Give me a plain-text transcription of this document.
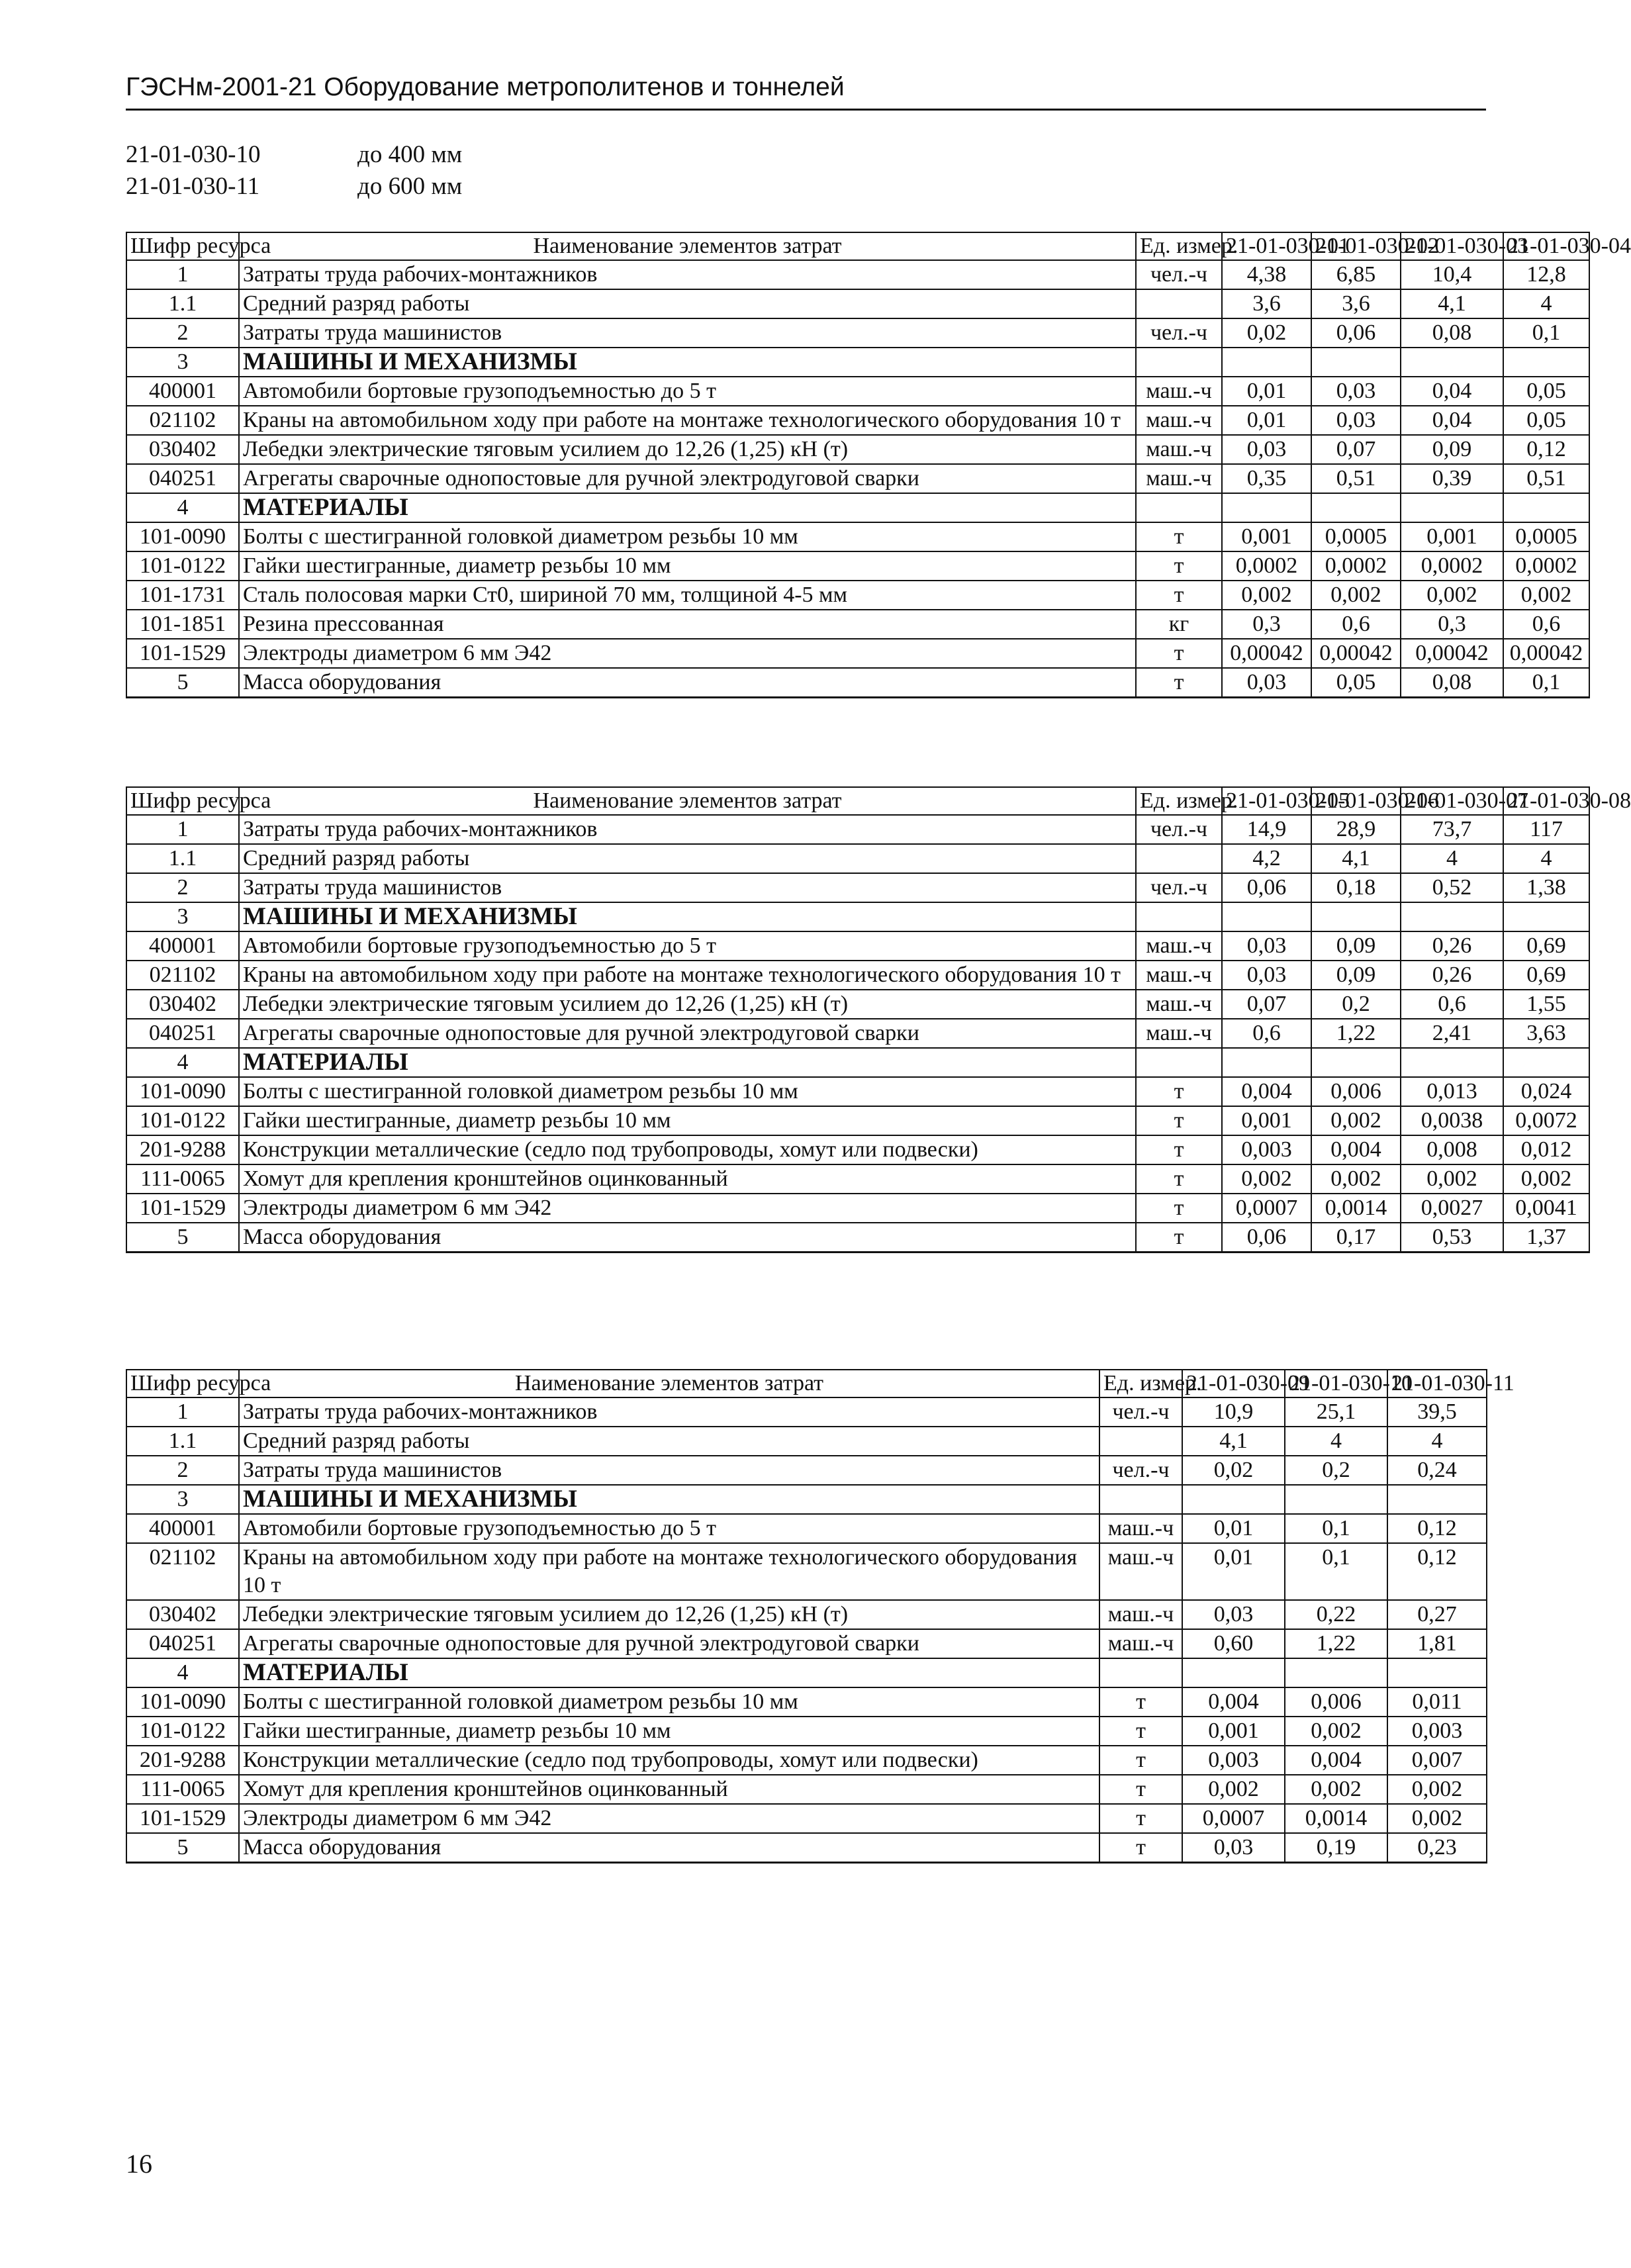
ГЭСНм-2001-21 Оборудование метрополитенов и тоннелей
21-01-030-10	до 400 мм
21-01-030-11	до 600 мм
Шифр ресурса	Наименование элементов затрат	Ед. измер.	21-01-030-01	21-01-030-02	21-01-030-03	21-01-030-04
1	Затраты труда рабочих-монтажников	чел.-ч	4,38	6,85	10,4	12,8
1.1	Средний разряд работы		3,6	3,6	4,1	4
2	Затраты труда машинистов	чел.-ч	0,02	0,06	0,08	0,1
3	МАШИНЫ И МЕХАНИЗМЫ					
400001	Автомобили бортовые грузоподъемностью до 5 т	маш.-ч	0,01	0,03	0,04	0,05
021102	Краны на автомобильном ходу при работе на монтаже технологического оборудования 10 т	маш.-ч	0,01	0,03	0,04	0,05
030402	Лебедки электрические тяговым усилием до 12,26 (1,25) кН (т)	маш.-ч	0,03	0,07	0,09	0,12
040251	Агрегаты сварочные однопостовые для ручной электродуговой сварки	маш.-ч	0,35	0,51	0,39	0,51
4	МАТЕРИАЛЫ					
101-0090	Болты с шестигранной головкой диаметром резьбы 10 мм	т	0,001	0,0005	0,001	0,0005
101-0122	Гайки шестигранные, диаметр резьбы 10 мм	т	0,0002	0,0002	0,0002	0,0002
101-1731	Сталь полосовая марки Ст0, шириной 70 мм, толщиной 4-5 мм	т	0,002	0,002	0,002	0,002
101-1851	Резина прессованная	кг	0,3	0,6	0,3	0,6
101-1529	Электроды диаметром 6 мм Э42	т	0,00042	0,00042	0,00042	0,00042
5	Масса оборудования	т	0,03	0,05	0,08	0,1
Шифр ресурса	Наименование элементов затрат	Ед. измер.	21-01-030-05	21-01-030-06	21-01-030-07	21-01-030-08
1	Затраты труда рабочих-монтажников	чел.-ч	14,9	28,9	73,7	117
1.1	Средний разряд работы		4,2	4,1	4	4
2	Затраты труда машинистов	чел.-ч	0,06	0,18	0,52	1,38
3	МАШИНЫ И МЕХАНИЗМЫ					
400001	Автомобили бортовые грузоподъемностью до 5 т	маш.-ч	0,03	0,09	0,26	0,69
021102	Краны на автомобильном ходу при работе на монтаже технологического оборудования 10 т	маш.-ч	0,03	0,09	0,26	0,69
030402	Лебедки электрические тяговым усилием до 12,26 (1,25) кН (т)	маш.-ч	0,07	0,2	0,6	1,55
040251	Агрегаты сварочные однопостовые для ручной электродуговой сварки	маш.-ч	0,6	1,22	2,41	3,63
4	МАТЕРИАЛЫ					
101-0090	Болты с шестигранной головкой диаметром резьбы 10 мм	т	0,004	0,006	0,013	0,024
101-0122	Гайки шестигранные, диаметр резьбы 10 мм	т	0,001	0,002	0,0038	0,0072
201-9288	Конструкции металлические (седло под трубопроводы, хомут или подвески)	т	0,003	0,004	0,008	0,012
111-0065	Хомут для крепления кронштейнов оцинкованный	т	0,002	0,002	0,002	0,002
101-1529	Электроды диаметром 6 мм Э42	т	0,0007	0,0014	0,0027	0,0041
5	Масса оборудования	т	0,06	0,17	0,53	1,37
Шифр ресурса	Наименование элементов затрат	Ед. измер.	21-01-030-09	21-01-030-10	21-01-030-11
1	Затраты труда рабочих-монтажников	чел.-ч	10,9	25,1	39,5
1.1	Средний разряд работы		4,1	4	4
2	Затраты труда машинистов	чел.-ч	0,02	0,2	0,24
3	МАШИНЫ И МЕХАНИЗМЫ				
400001	Автомобили бортовые грузоподъемностью до 5 т	маш.-ч	0,01	0,1	0,12
021102	Краны на автомобильном ходу при работе на монтаже технологического оборудования 10 т	маш.-ч	0,01	0,1	0,12
030402	Лебедки электрические тяговым усилием до 12,26 (1,25) кН (т)	маш.-ч	0,03	0,22	0,27
040251	Агрегаты сварочные однопостовые для ручной электродуговой сварки	маш.-ч	0,60	1,22	1,81
4	МАТЕРИАЛЫ				
101-0090	Болты с шестигранной головкой диаметром резьбы 10 мм	т	0,004	0,006	0,011
101-0122	Гайки шестигранные, диаметр резьбы 10 мм	т	0,001	0,002	0,003
201-9288	Конструкции металлические (седло под трубопроводы, хомут или подвески)	т	0,003	0,004	0,007
111-0065	Хомут для крепления кронштейнов оцинкованный	т	0,002	0,002	0,002
101-1529	Электроды диаметром 6 мм Э42	т	0,0007	0,0014	0,002
5	Масса оборудования	т	0,03	0,19	0,23
16
